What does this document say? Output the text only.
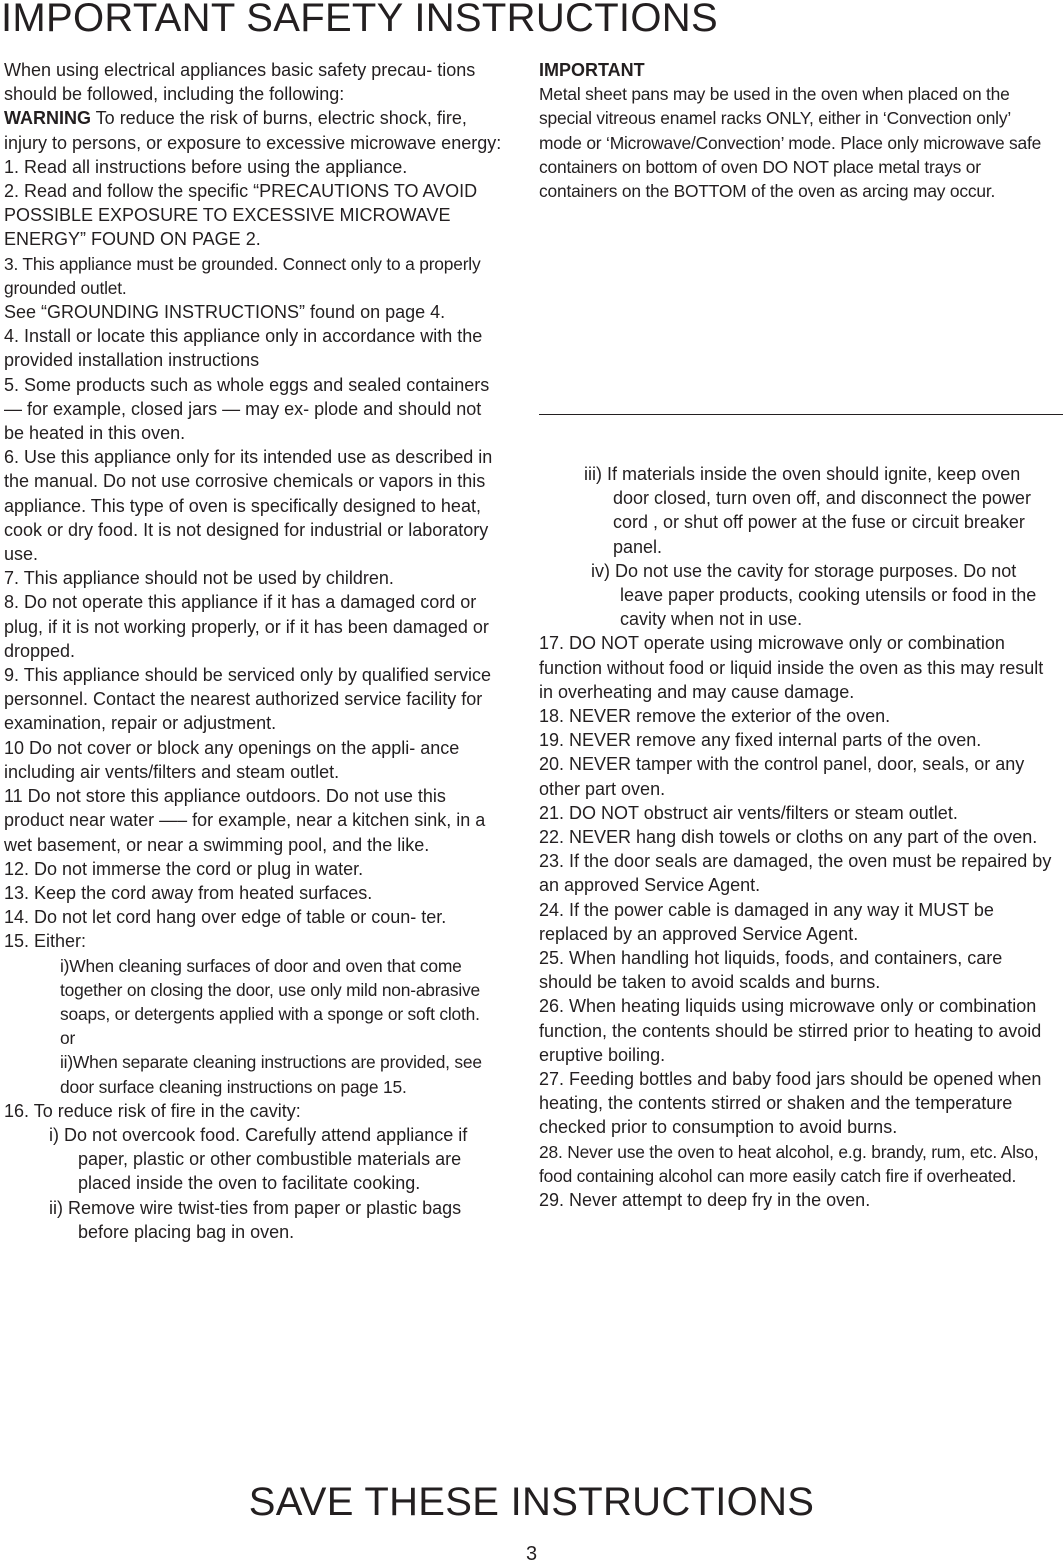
IMPORTANT SAFETY INSTRUCTIONS

When using electrical appliances basic safety precau- tions should be followed, including the following:

WARNING To reduce the risk of burns, electric shock, fire, injury to persons, or exposure to excessive microwave energy:

1. Read all instructions before using the appliance.

2. Read and follow the specific “PRECAUTIONS TO AVOID POSSIBLE EXPOSURE TO EXCESSIVE MICROWAVE ENERGY” FOUND ON PAGE 2.

3. This appliance must be grounded. Connect only to a properly grounded outlet.

See “GROUNDING INSTRUCTIONS” found on page 4.

4. Install or locate this appliance only in accordance with the provided installation instructions

5. Some products such as whole eggs and sealed containers — for example, closed jars — may ex- plode and should not be heated in this oven.

6. Use this appliance only for its intended use as described in the manual. Do not use corrosive chemicals or vapors in this appliance. This type of oven is specifically designed to heat, cook or dry food. It is not designed for industrial or laboratory use.

7. This appliance should not be used by children.

8. Do not operate this appliance if it has a damaged cord or plug, if it is not working properly, or if it has been damaged or dropped.

9. This appliance should be serviced only by qualified service personnel. Contact the nearest authorized service facility for examination, repair or adjustment.

10 Do not cover or block any openings on the appli- ance including air vents/filters and steam outlet.

11 Do not store this appliance outdoors. Do not use this product near water —– for example, near a kitchen sink, in a wet basement, or near a swimming pool, and the like.

12. Do not immerse the cord or plug in water.

13. Keep the cord away from heated surfaces.

14. Do not let cord hang over edge of table or coun- ter.

15. Either:

i)When cleaning surfaces of door and oven that come together on closing the door, use only mild non-abrasive soaps, or detergents applied with a sponge or soft cloth.

or

ii)When separate cleaning instructions are provided, see door surface cleaning instructions on page 15.

16. To reduce risk of fire in the cavity:

i) Do not overcook food. Carefully attend appliance if paper, plastic or other combustible materials are placed inside the oven to facilitate cooking.

ii) Remove wire twist-ties from paper or plastic bags before placing bag in oven.

IMPORTANT

Metal sheet pans may be used in the oven when placed on the special vitreous enamel racks ONLY, either in ‘Convection only’ mode or ‘Microwave/Convection’ mode. Place only microwave safe containers on bottom of oven DO NOT place metal trays or containers on the BOTTOM of the oven as arcing may occur.

iii) If materials inside the oven should ignite, keep oven door closed, turn oven off, and disconnect the power cord , or shut off power at the fuse or circuit breaker panel.

iv) Do not use the cavity for storage purposes. Do not leave paper products, cooking utensils or food in the cavity when not in use.

17. DO NOT operate using microwave only or combination function without food or liquid inside the oven as this may result in overheating and may cause damage.

18. NEVER remove the exterior of the oven.

19. NEVER remove any fixed internal parts of the oven.

20. NEVER tamper with the control panel, door, seals, or any other part oven.

21. DO NOT obstruct air vents/filters or steam outlet.

22. NEVER hang dish towels or cloths on any part of the oven.

23. If the door seals are damaged, the oven must be repaired by an approved Service Agent.

24. If the power cable is damaged in any way it MUST be replaced by an approved Service Agent.

25. When handling hot liquids, foods, and containers, care should be taken to avoid scalds and burns.

26. When heating liquids using microwave only or combination function, the contents should be stirred prior to heating to avoid eruptive boiling.

27. Feeding bottles and baby food jars should be opened when heating, the contents stirred or shaken and the temperature checked prior to consumption to avoid burns.

28. Never use the oven to heat alcohol, e.g. brandy, rum, etc. Also, food containing alcohol can more easily catch fire if overheated.

29. Never attempt to deep fry in the oven.

SAVE THESE INSTRUCTIONS
3
